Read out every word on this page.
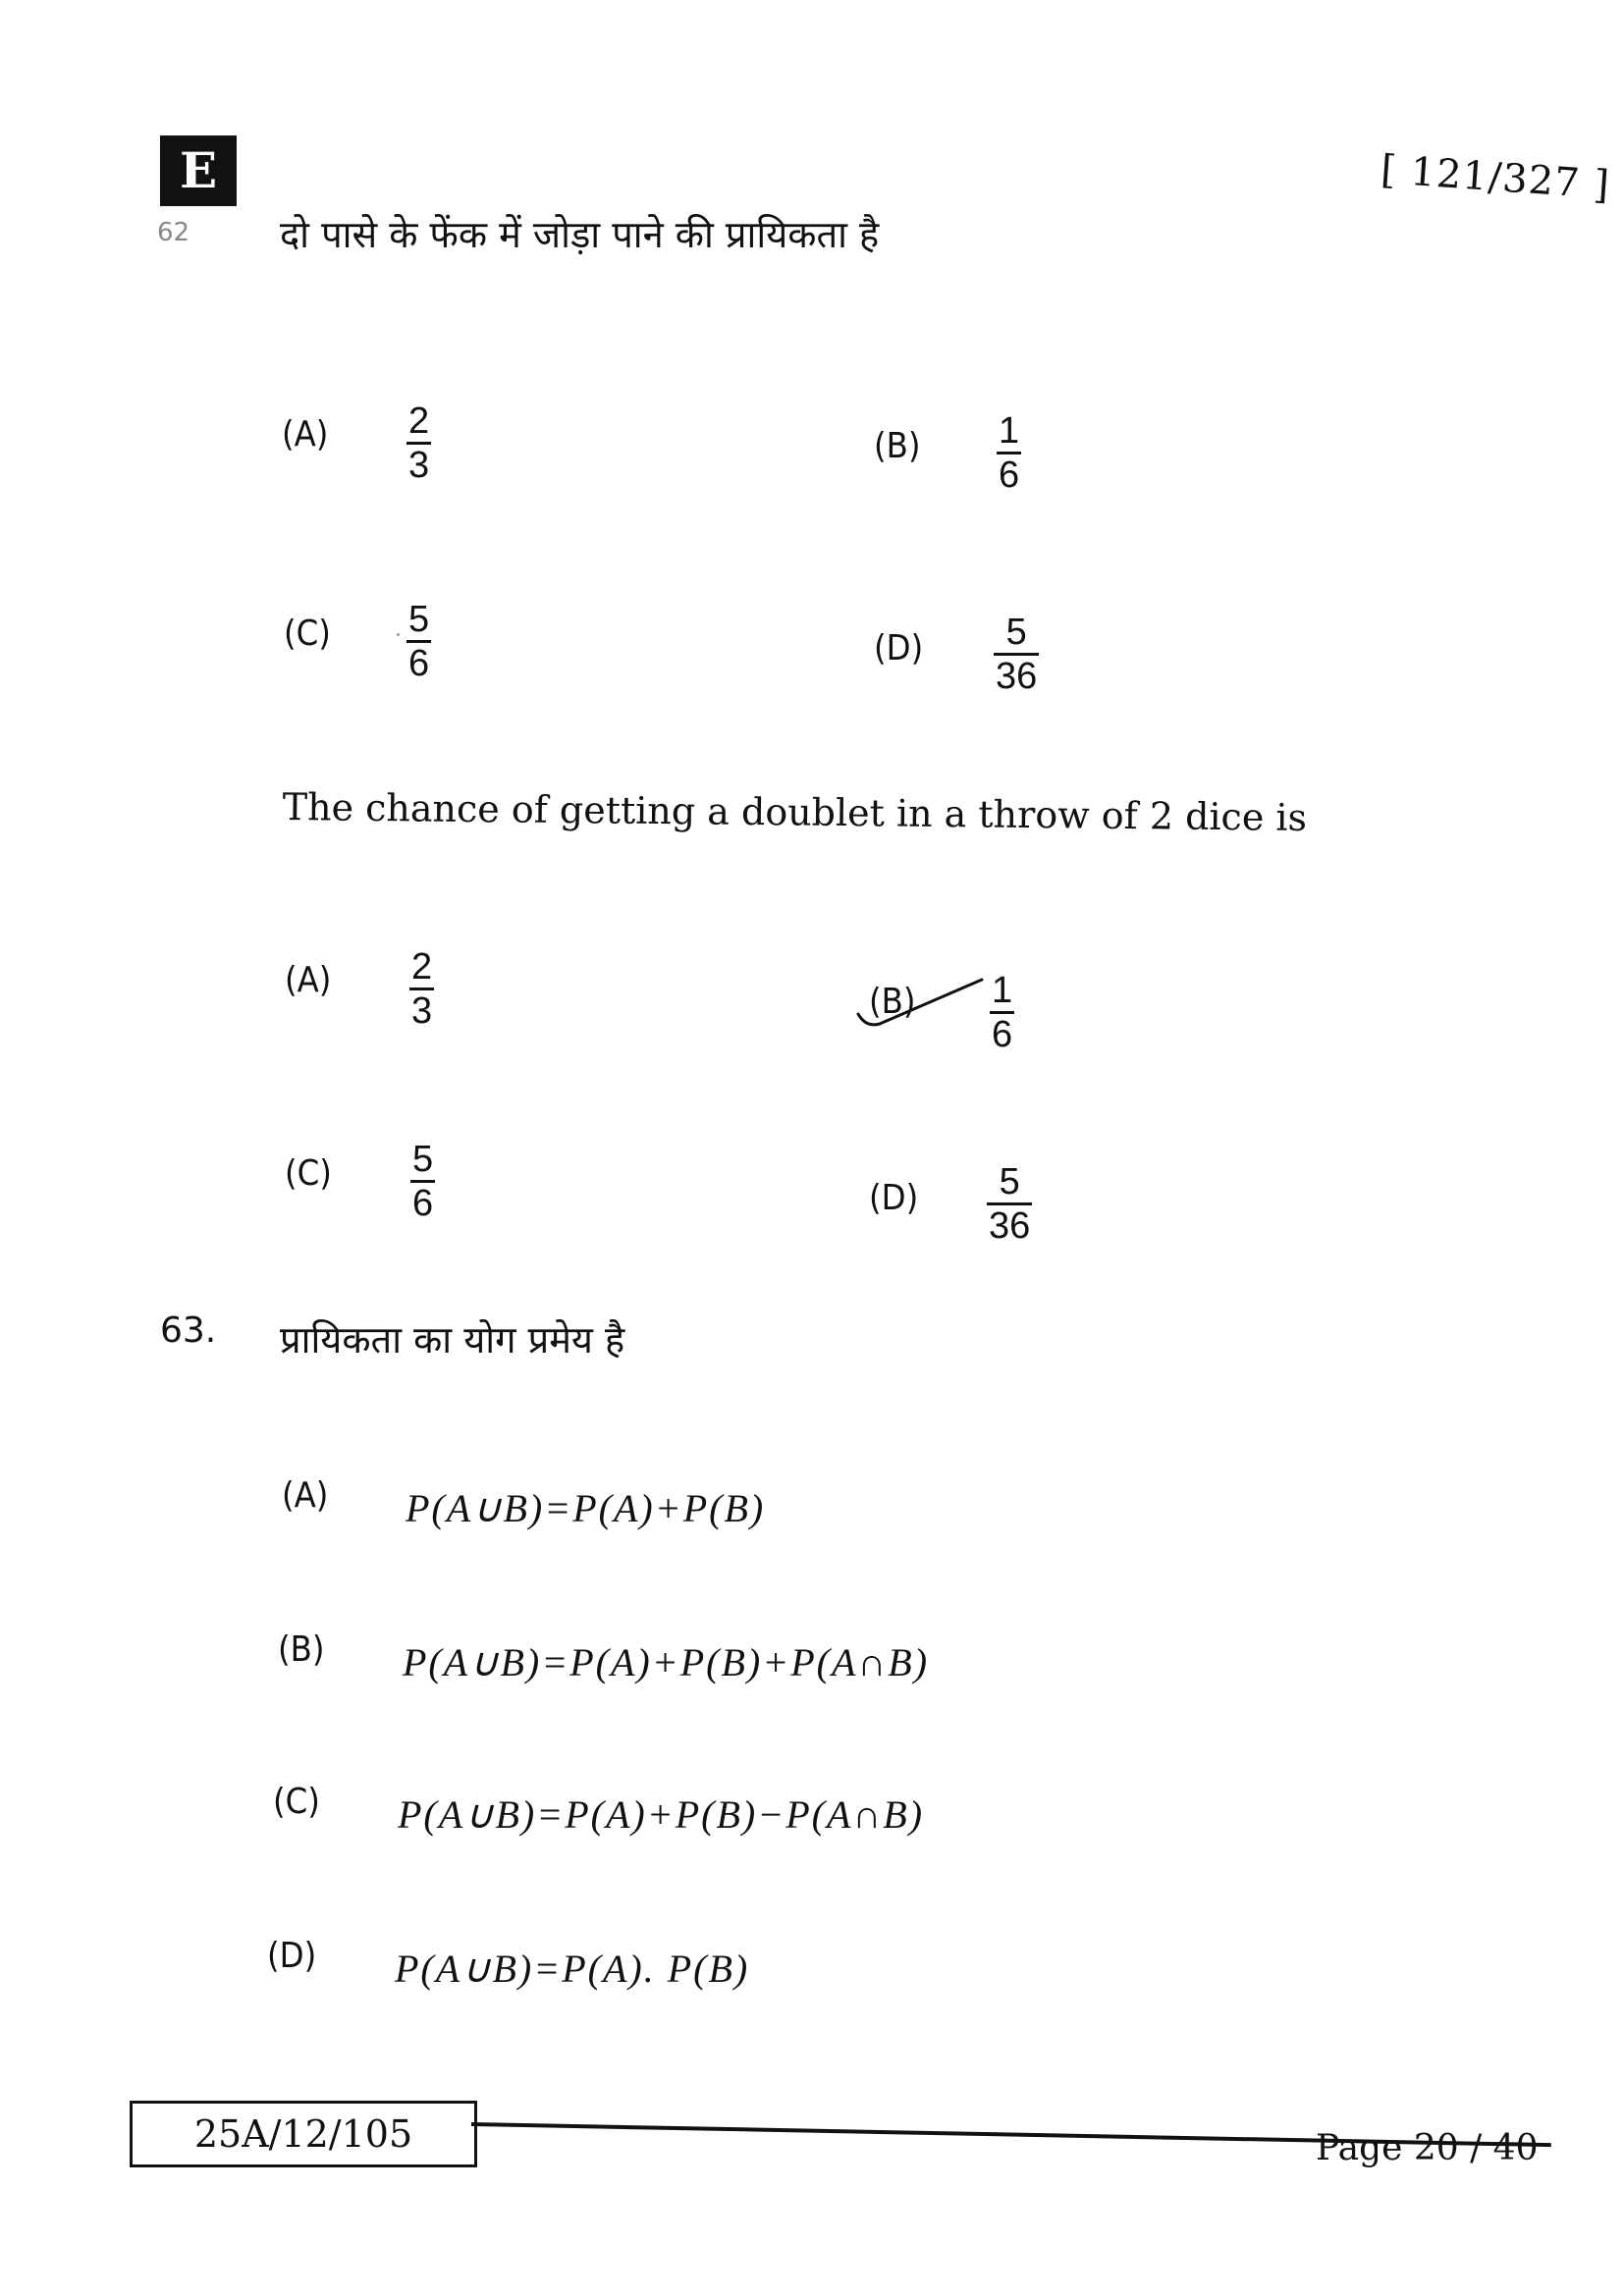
E	[ 121/327 ]
62 दो पासे के फेंक में जोड़ा पाने की प्रायिकता है
(A) 2
3	(B) 1
6
(C) 5
6	(D) 5
36
The chance of getting a doublet in a throw of 2 dice is
(A) 2
3	(B) 1
6
(C) 5
6	(D) 5
36
63. प्रायिकता का योग प्रमेय है
(A) P(A∪B)=P(A)+P(B)
(B) P(A∪B)=P(A)+P(B)+P(A∩B)
(C) P(A∪B)=P(A)+P(B)−P(A∩B)
(D) P(A∪B)=P(A). P(B)
25A/12/105	Page 20 / 40
